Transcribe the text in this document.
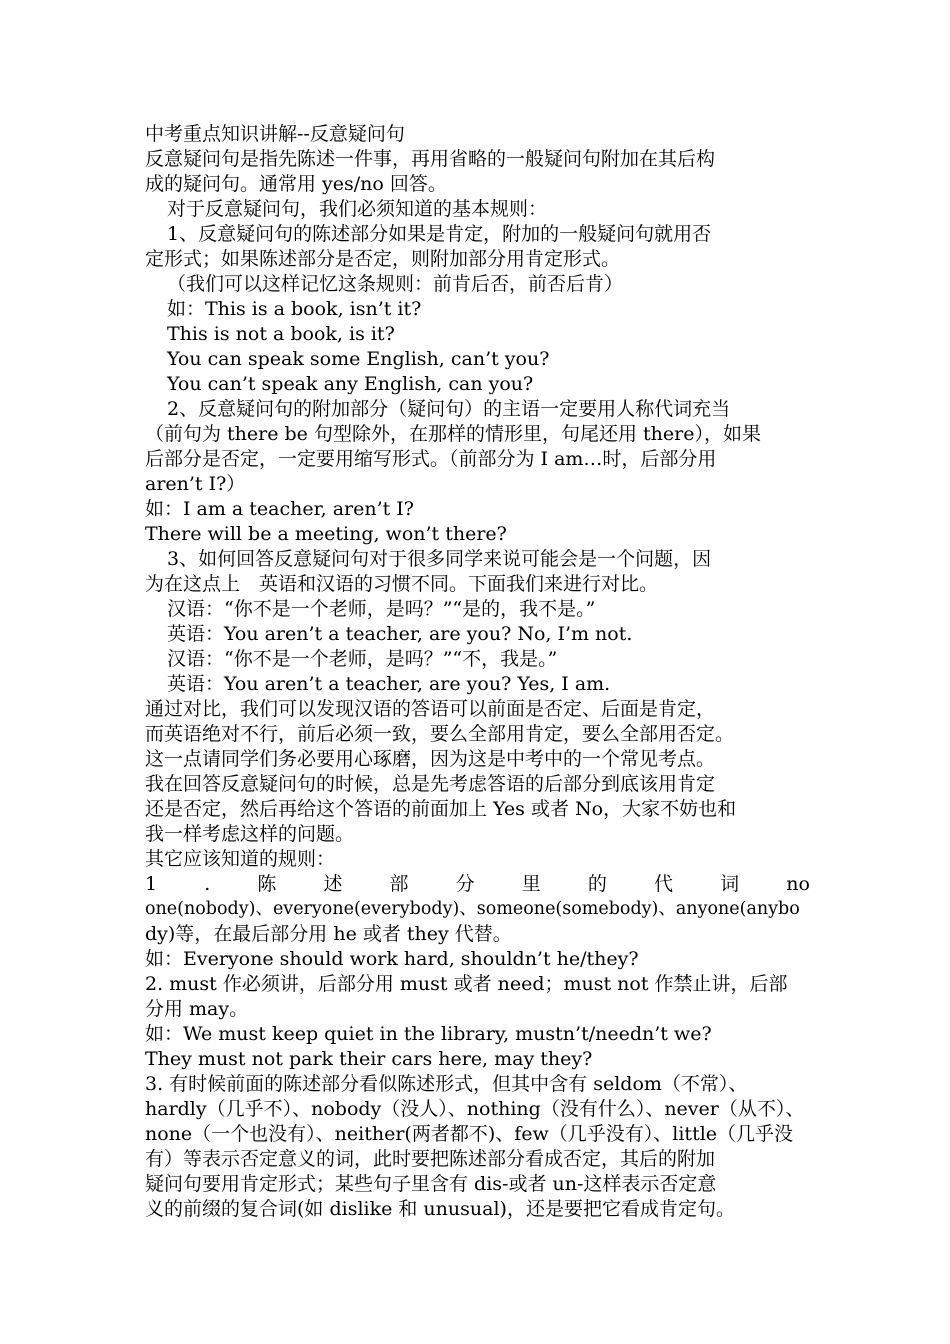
中考重点知识讲解--反意疑问句
反意疑问句是指先陈述一件事，再用省略的一般疑问句附加在其后构
成的疑问句。通常用 yes/no 回答。
对于反意疑问句，我们必须知道的基本规则：
1、反意疑问句的陈述部分如果是肯定，附加的一般疑问句就用否
定形式；如果陈述部分是否定，则附加部分用肯定形式。
（我们可以这样记忆这条规则：前肯后否，前否后肯）
如：This is a book, isn’t it?
This is not a book, is it?
You can speak some English, can’t you?
You can’t speak any English, can you?
2、反意疑问句的附加部分（疑问句）的主语一定要用人称代词充当
（前句为 there be 句型除外，在那样的情形里，句尾还用 there），如果
后部分是否定，一定要用缩写形式。（前部分为 I am…时，后部分用
aren’t I?）
如：I am a teacher, aren’t I?
There will be a meeting, won’t there?
3、如何回答反意疑问句对于很多同学来说可能会是一个问题，因
为在这点上　英语和汉语的习惯不同。下面我们来进行对比。
汉语：“你不是一个老师，是吗？”“是的，我不是。”
英语：You aren’t a teacher, are you? No, I’m not.
汉语：“你不是一个老师，是吗？”“不，我是。”
英语：You aren’t a teacher, are you? Yes, I am.
通过对比，我们可以发现汉语的答语可以前面是否定、后面是肯定，
而英语绝对不行，前后必须一致，要么全部用肯定，要么全部用否定。
这一点请同学们务必要用心琢磨，因为这是中考中的一个常见考点。
我在回答反意疑问句的时候，总是先考虑答语的后部分到底该用肯定
还是否定，然后再给这个答语的前面加上 Yes 或者 No，大家不妨也和
我一样考虑这样的问题。
其它应该知道的规则：
1 . 陈 述 部 分 里 的 代 词 no
one(nobody)、everyone(everybody)、someone(somebody)、anyone(anybo
dy)等，在最后部分用 he 或者 they 代替。
如：Everyone should work hard, shouldn’t he/they?
2. must 作必须讲，后部分用 must 或者 need；must not 作禁止讲，后部
分用 may。
如：We must keep quiet in the library, mustn’t/needn’t we?
They must not park their cars here, may they?
3. 有时候前面的陈述部分看似陈述形式，但其中含有 seldom（不常）、
hardly（几乎不）、nobody（没人）、nothing（没有什么）、never（从不）、
none（一个也没有）、neither(两者都不)、few（几乎没有）、little（几乎没
有）等表示否定意义的词，此时要把陈述部分看成否定，其后的附加
疑问句要用肯定形式；某些句子里含有 dis-或者 un-这样表示否定意
义的前缀的复合词(如 dislike 和 unusual)，还是要把它看成肯定句。
